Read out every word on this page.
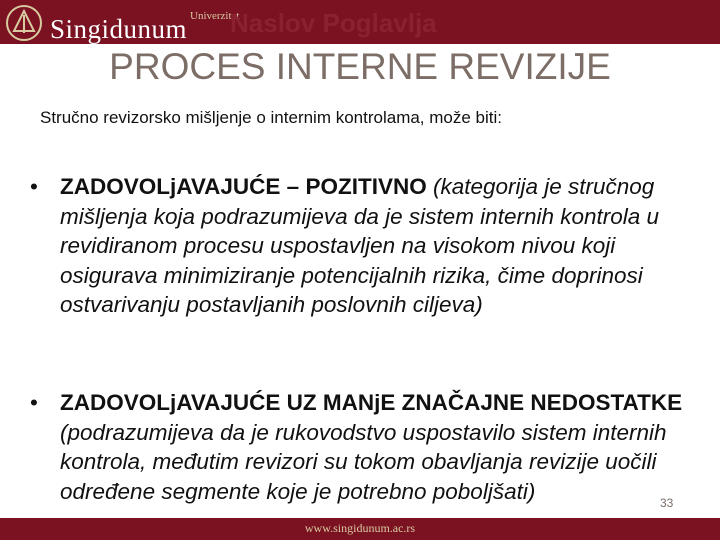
Univerzitet
Singidunum Naslov Poglavlja
PROCES INTERNE REVIZIJE
Stručno revizorsko mišljenje o internim kontrolama, može biti:
• ZADOVOLjAVAJUĆE – POZITIVNO (kategorija je stručnog mišljenja koja podrazumijeva da je sistem internih kontrola u revidiranom procesu uspostavljen na visokom nivou koji osigurava minimiziranje potencijalnih rizika, čime doprinosi ostvarivanju postavljanih poslovnih ciljeva)
• ZADOVOLjAVAJUĆE UZ MANjE ZNAČAJNE NEDOSTATKE (podrazumijeva da je rukovodstvo uspostavilo sistem internih kontrola, međutim revizori su tokom obavljanja revizije uočili određene segmente koje je potrebno poboljšati)	33
www.singidunum.ac.rs
